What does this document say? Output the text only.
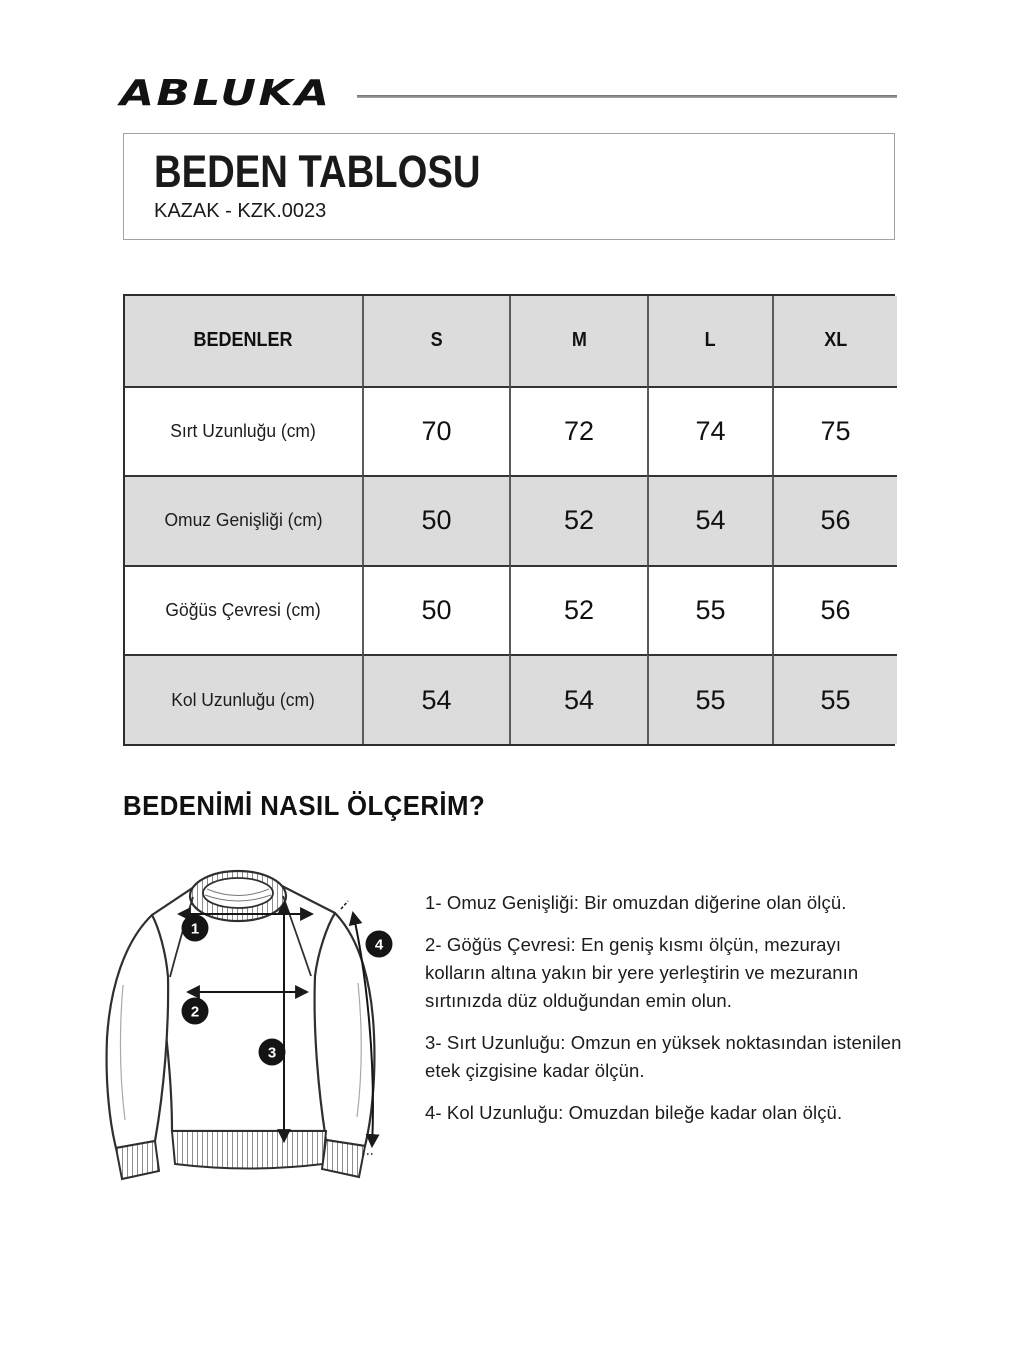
ABLUKA
BEDEN TABLOSU
KAZAK - KZK.0023
BEDENLER	S	M	L	XL
Sırt Uzunluğu (cm)	70	72	74	75
Omuz Genişliği (cm)	50	52	54	56
Göğüs Çevresi (cm)	50	52	55	56
Kol Uzunluğu (cm)	54	54	55	55
BEDENİMİ NASIL ÖLÇERİM?
1
2
3
4

1- Omuz Genişliği: Bir omuzdan diğerine olan ölçü.

2- Göğüs Çevresi: En geniş kısmı ölçün, mezurayı kolların altına yakın bir yere yerleştirin ve mezuranın sırtınızda düz olduğundan emin olun.

3- Sırt Uzunluğu: Omzun en yüksek noktasından istenilen etek çizgisine kadar ölçün.

4- Kol Uzunluğu: Omuzdan bileğe kadar olan ölçü.
